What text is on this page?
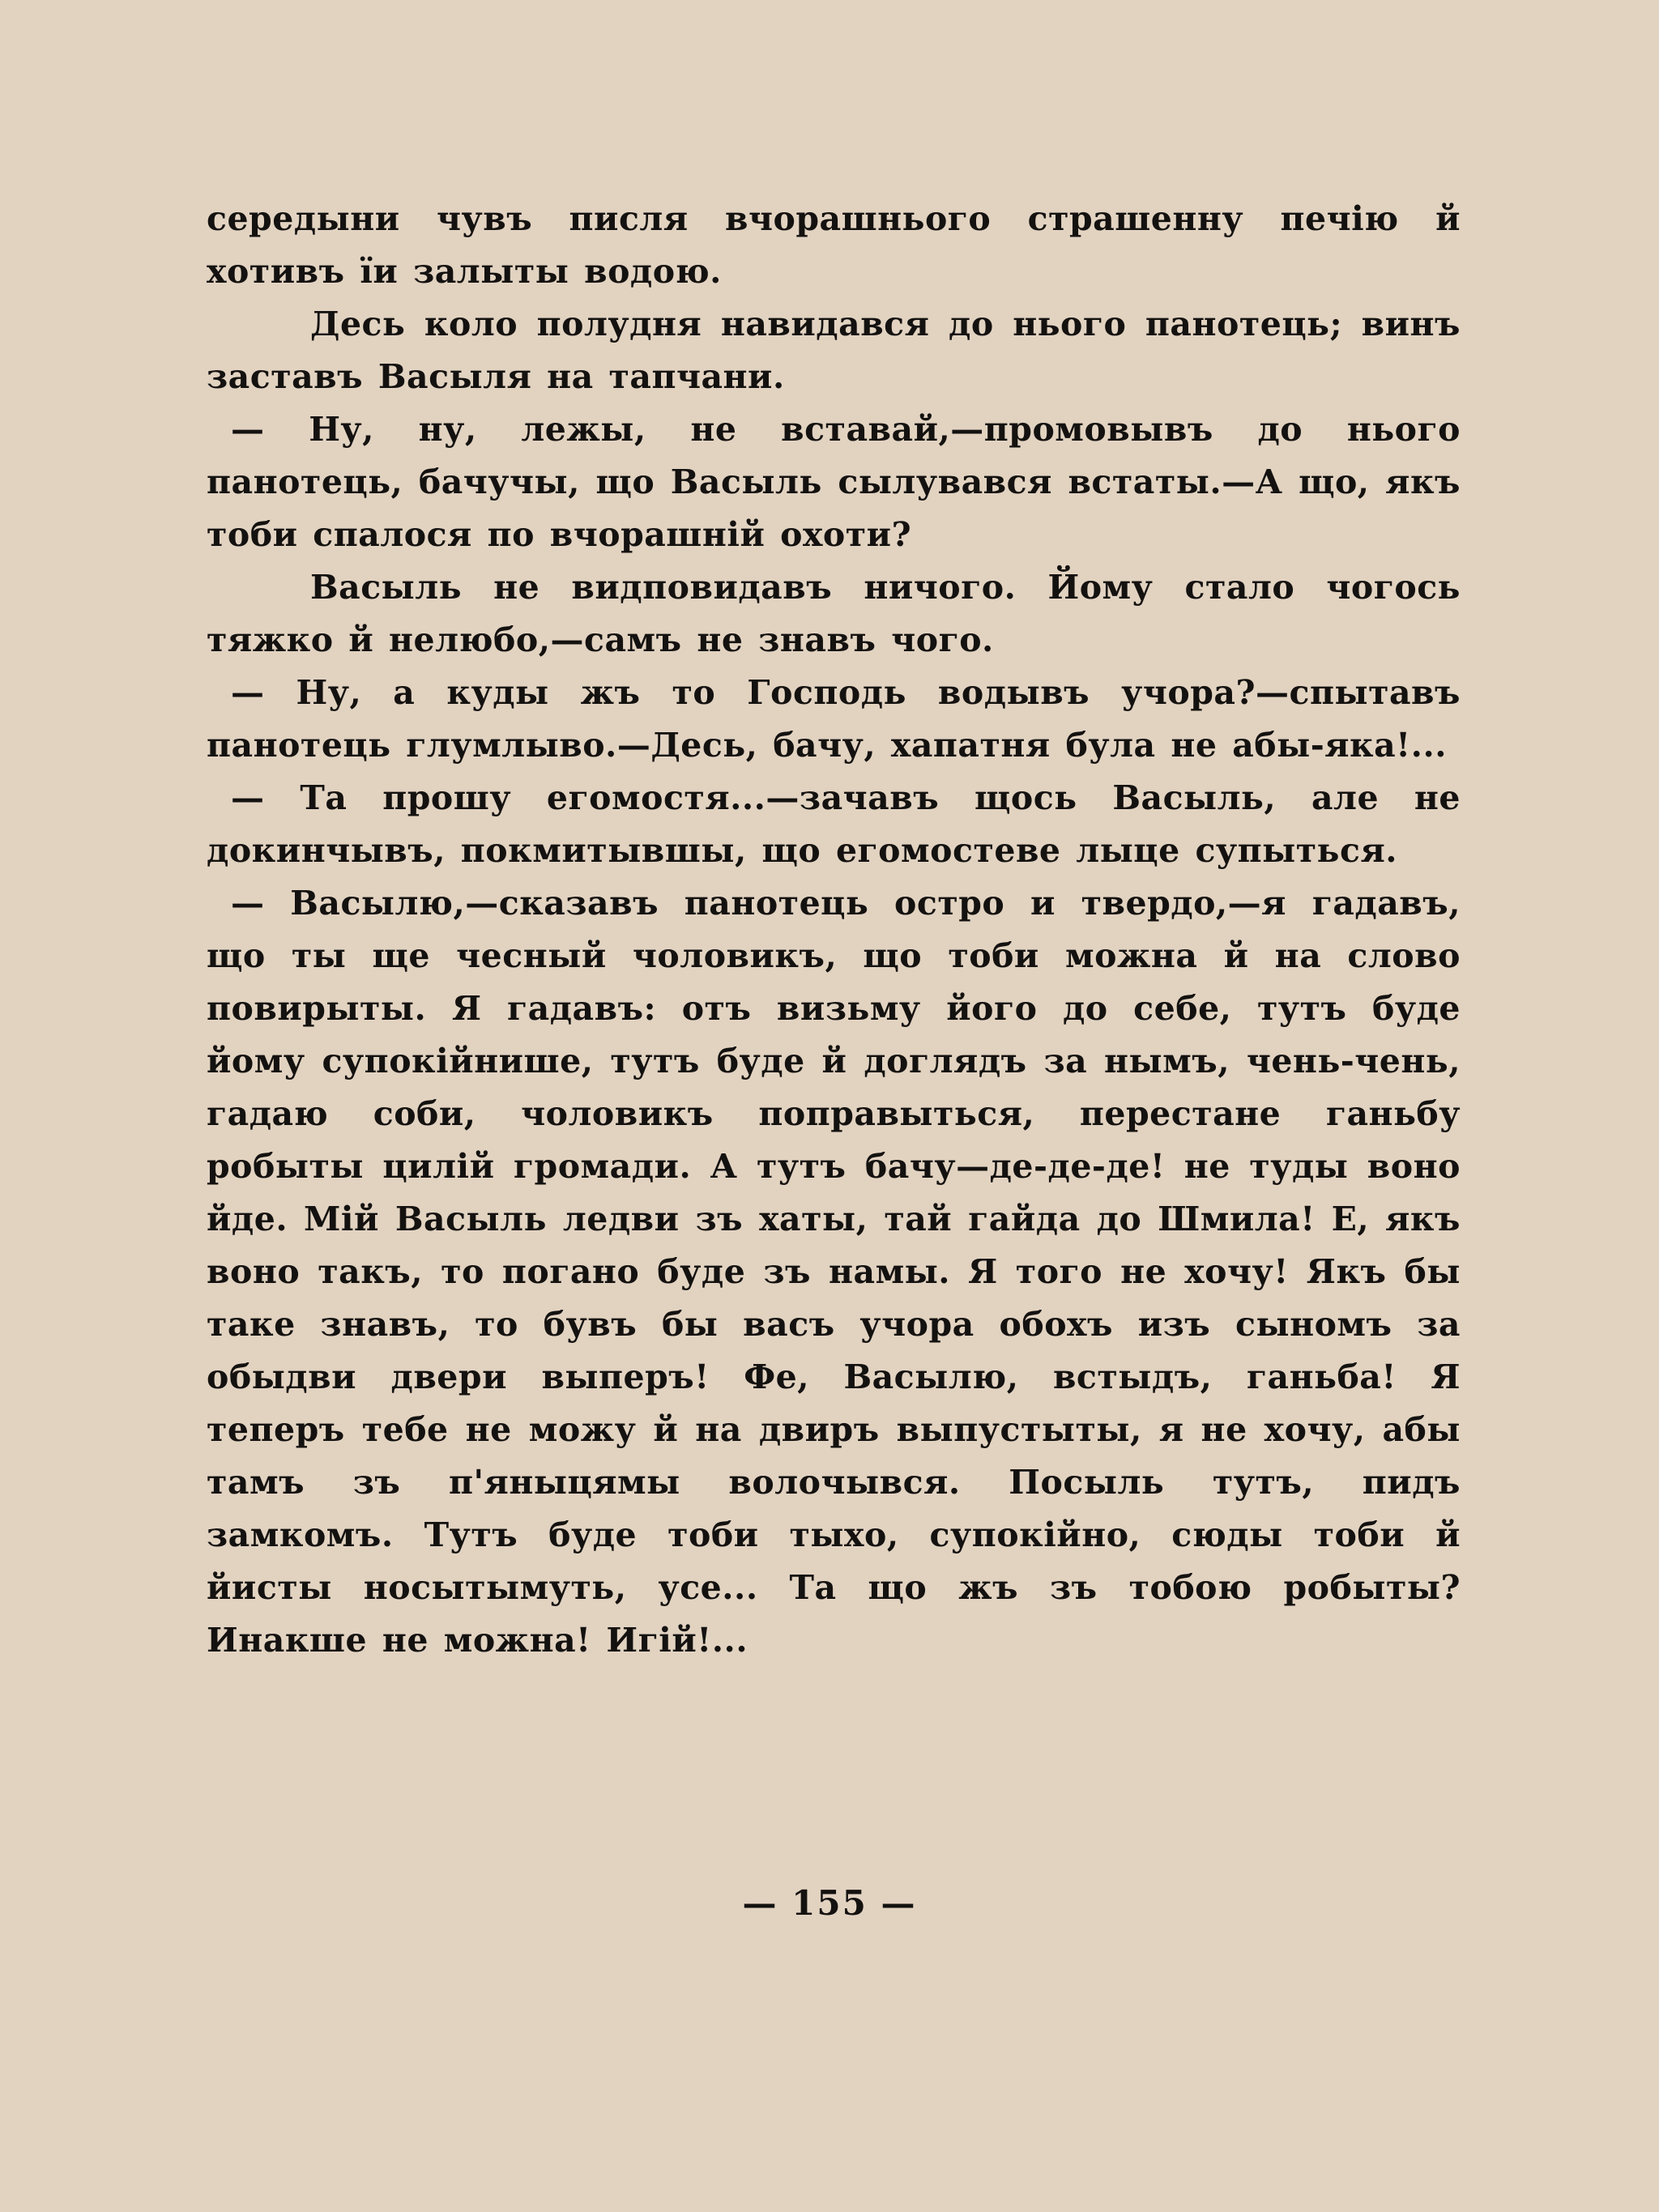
середыни чувъ писля вчорашнього страшенну печію й хотивъ їи залыты водою.

Десь коло полудня навидався до нього панотець; винъ заставъ Васыля на тапчани.

— Ну, ну, лежы, не вставай,—промовывъ до нього панотець, бачучы, що Васыль сылувався встаты.—А що, якъ тоби спалося по вчорашній охоти?

Васыль не видповидавъ ничого. Йому стало чогось тяжко й нелюбо,—самъ не знавъ чого.

— Ну, а куды жъ то Господь водывъ учора?—спытавъ панотець глумлыво.—Десь, бачу, хапатня була не абы-яка!...

— Та прошу егомостя...—зачавъ щось Васыль, але не докинчывъ, покмитывшы, що егомостеве лыце супыться.

— Васылю,—сказавъ панотець остро и твердо,—я гадавъ, що ты ще чесный чоловикъ, що тоби можна й на слово повирыты. Я гадавъ: отъ визьму його до себе, тутъ буде йому супокійнише, тутъ буде й доглядъ за нымъ, чень-чень, гадаю соби, чоловикъ поправыться, перестане ганьбу робыты цилій громади. А тутъ бачу—де-де-де! не туды воно йде. Мій Васыль ледви зъ хаты, тай гайда до Шмила! Е, якъ воно такъ, то погано буде зъ намы. Я того не хочу! Якъ бы таке знавъ, то бувъ бы васъ учора обохъ изъ сыномъ за обыдви двери выперъ! Фе, Васылю, встыдъ, ганьба! Я теперъ тебе не можу й на двиръ выпустыты, я не хочу, абы тамъ зъ п'яныцямы волочывся. Посыль тутъ, пидъ замкомъ. Тутъ буде тоби тыхо, супокійно, сюды тоби й йисты носытымуть, усе... Та що жъ зъ тобою робыты? Инакше не можна! Игій!...

— 155 —
